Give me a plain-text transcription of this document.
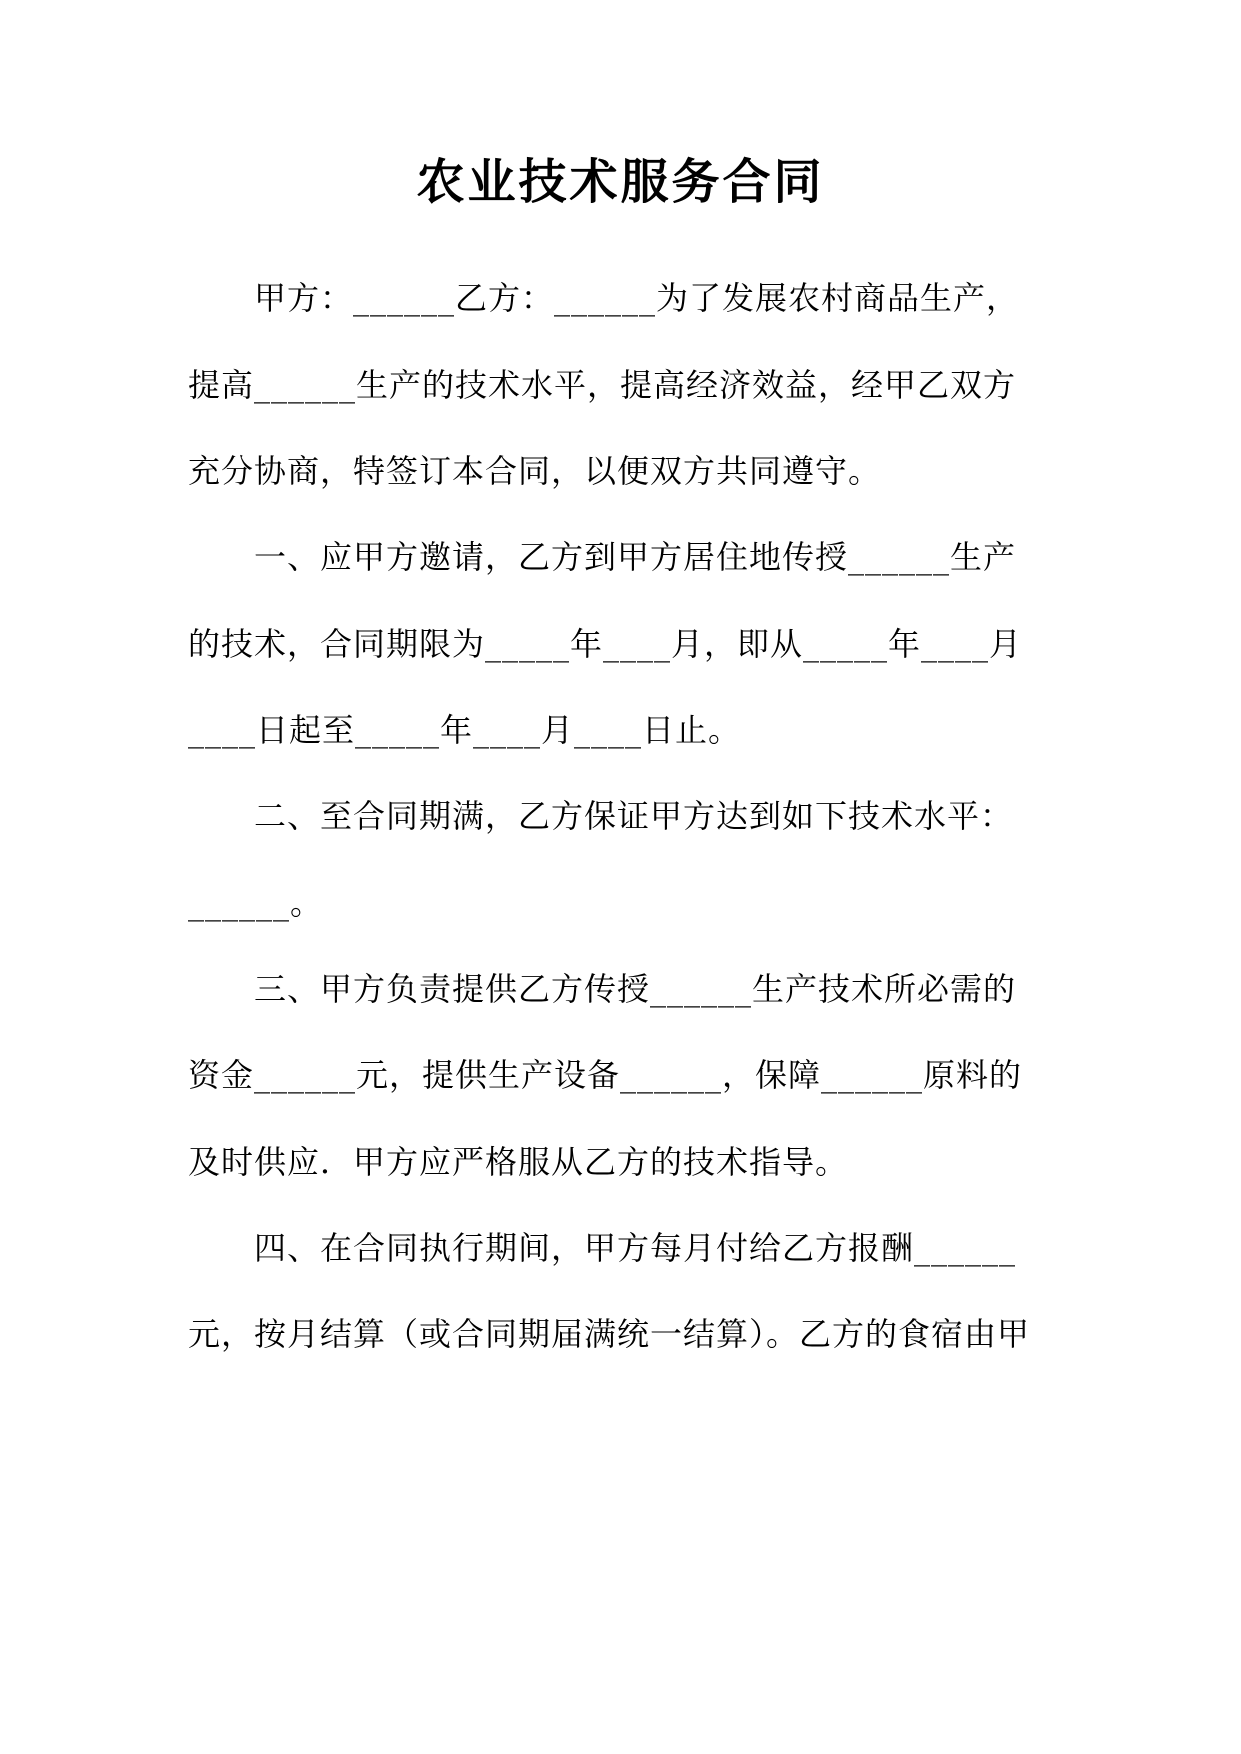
农业技术服务合同
　　甲方：______乙方：______为了发展农村商品生产，
提高______生产的技术水平，提高经济效益，经甲乙双方
充分协商，特签订本合同，以便双方共同遵守。
　　一、应甲方邀请，乙方到甲方居住地传授______生产
的技术，合同期限为_____年____月，即从_____年____月
____日起至_____年____月____日止。
　　二、至合同期满，乙方保证甲方达到如下技术水平：
______。
　　三、甲方负责提供乙方传授______生产技术所必需的
资金______元，提供生产设备______，保障______原料的
及时供应．甲方应严格服从乙方的技术指导。
　　四、在合同执行期间，甲方每月付给乙方报酬______
元，按月结算（或合同期届满统一结算）。乙方的食宿由甲
